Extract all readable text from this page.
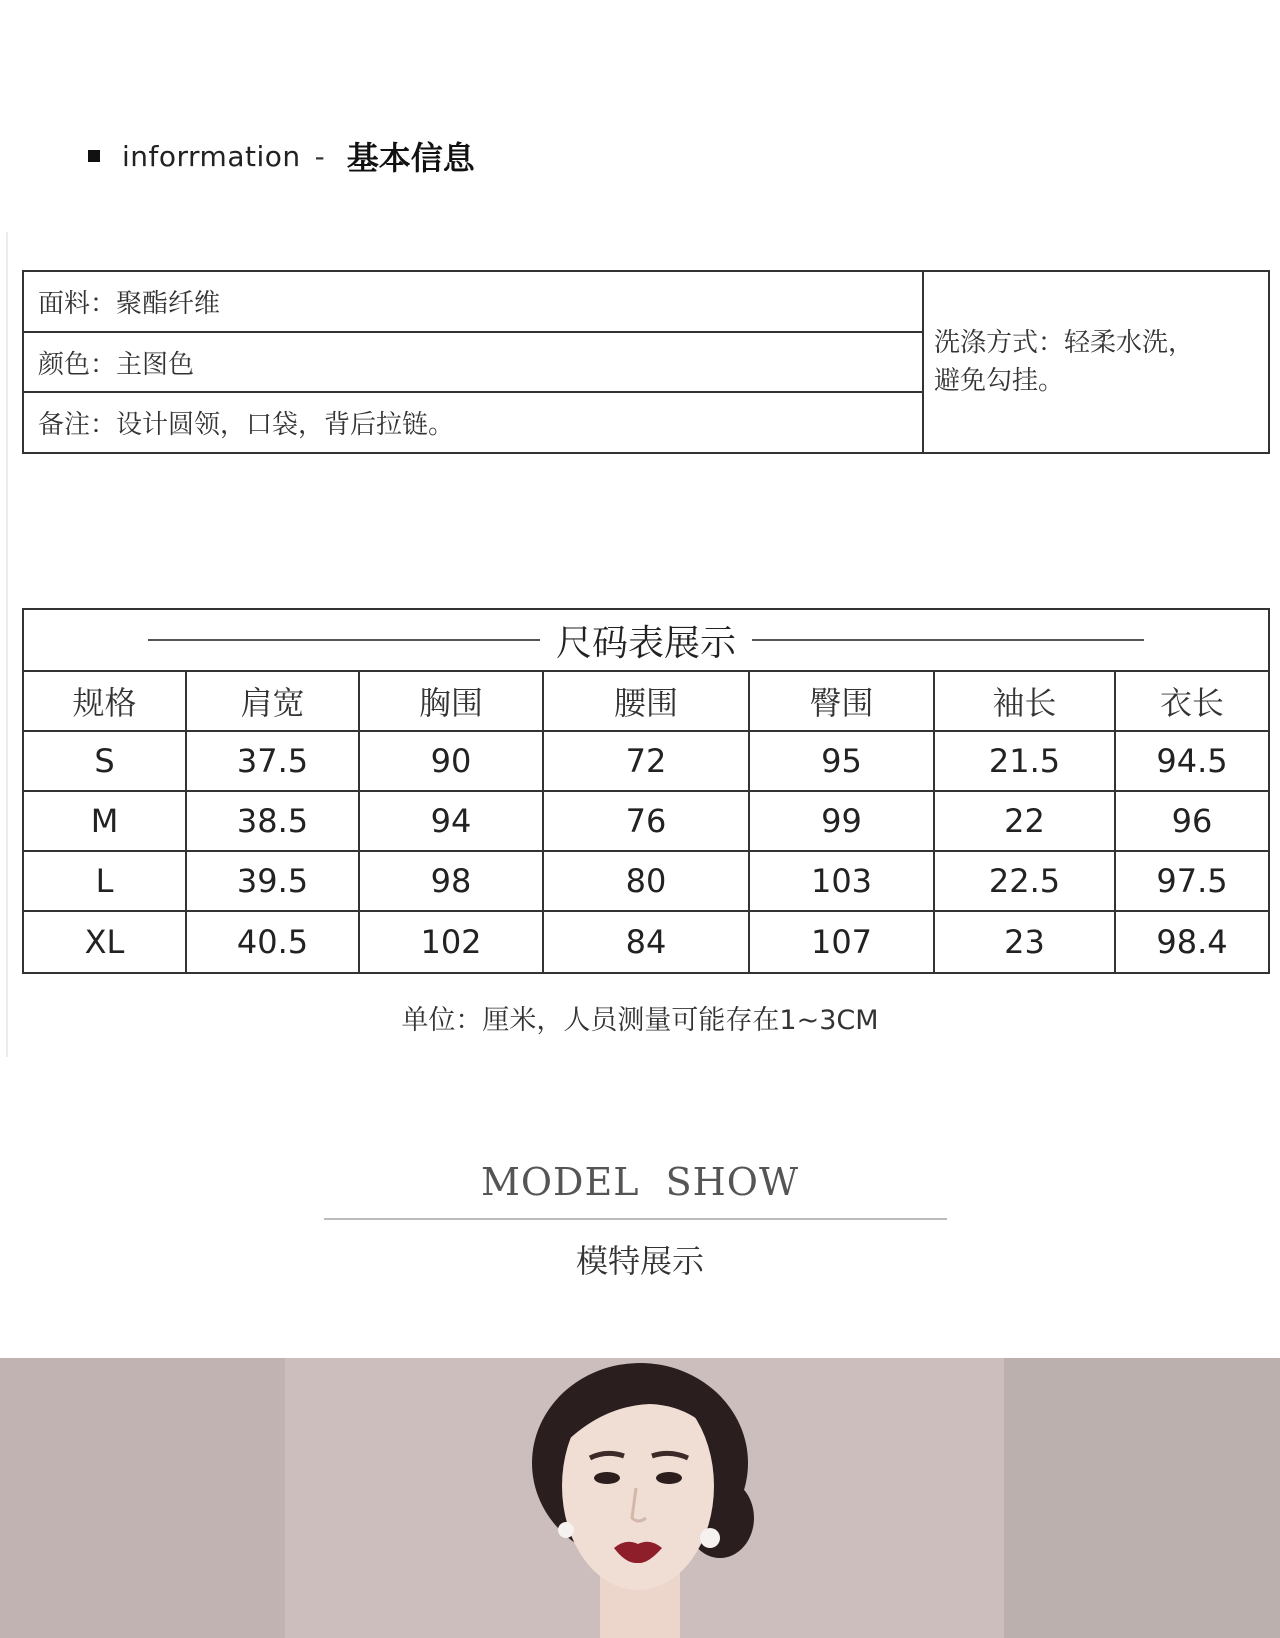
inforrmation - 基本信息
面料：聚酯纤维
颜色：主图色
备注：设计圆领，口袋，背后拉链。
洗涤方式：轻柔水洗，
避免勾挂。
尺码表展示
规格	肩宽	胸围	腰围	臀围	袖长	衣长
S	37.5	90	72	95	21.5	94.5
M	38.5	94	76	99	22	96
L	39.5	98	80	103	22.5	97.5
XL	40.5	102	84	107	23	98.4
单位：厘米，人员测量可能存在1~3CM
MODEL  SHOW
模特展示
